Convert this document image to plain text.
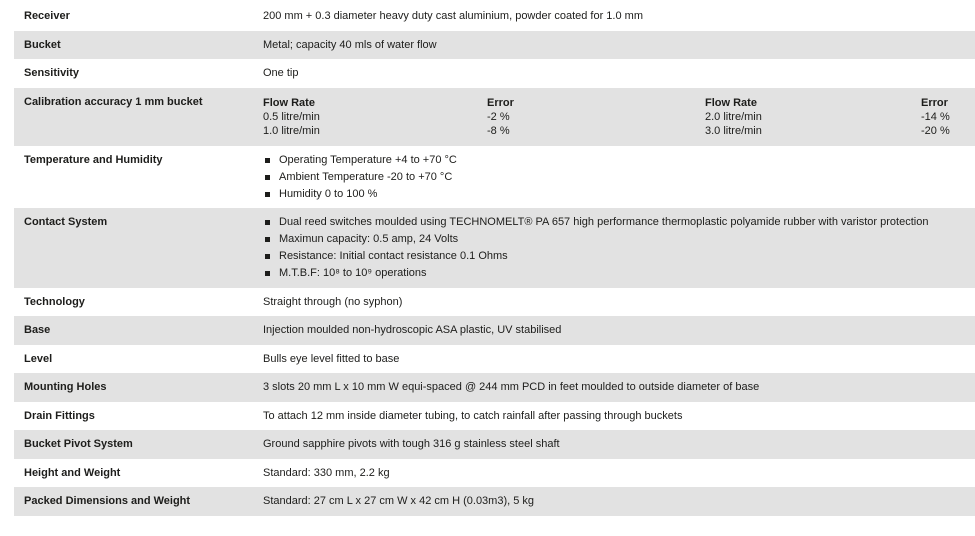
Receiver	200 mm + 0.3 diameter heavy duty cast aluminium, powder coated for 1.0 mm
Bucket	Metal; capacity 40 mls of water flow
Sensitivity	One tip
Calibration accuracy 1 mm bucket	Flow Rate	Error	Flow Rate	Error
0.5 litre/min	-2 %	2.0 litre/min	-14 %
1.0 litre/min	-8 %	3.0 litre/min	-20 %
Temperature and Humidity	Operating Temperature +4 to +70 °C
Ambient Temperature -20 to +70 °C
Humidity 0 to 100 %
Contact System	Dual reed switches moulded using TECHNOMELT® PA 657 high performance thermoplastic polyamide rubber with varistor protection
Maximun capacity: 0.5 amp, 24 Volts
Resistance: Initial contact resistance 0.1 Ohms
M.T.B.F: 10⁸ to 10⁹ operations
Technology	Straight through (no syphon)
Base	Injection moulded non-hydroscopic ASA plastic, UV stabilised
Level	Bulls eye level fitted to base
Mounting Holes	3 slots 20 mm L x 10 mm W equi-spaced @ 244 mm PCD in feet moulded to outside diameter of base
Drain Fittings	To attach 12 mm inside diameter tubing, to catch rainfall after passing through buckets
Bucket Pivot System	Ground sapphire pivots with tough 316 g stainless steel shaft
Height and Weight	Standard: 330 mm, 2.2 kg
Packed Dimensions and Weight	Standard: 27 cm L x 27 cm W x 42 cm H (0.03m3), 5 kg
